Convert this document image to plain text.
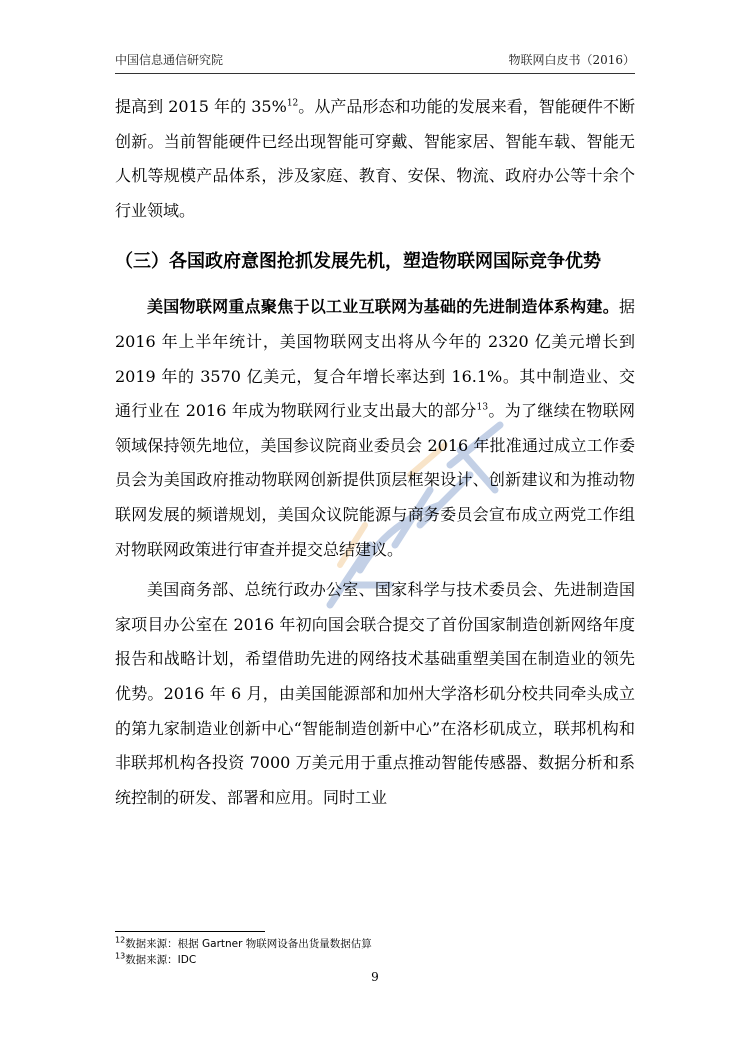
中国信息通信研究院	物联网白皮书（2016）

提高到 2015 年的 35%$^{12}$。从产品形态和功能的发展来看，智能硬件不断创新。当前智能硬件已经出现智能可穿戴、智能家居、智能车载、智能无人机等规模产品体系，涉及家庭、教育、安保、物流、政府办公等十余个行业领域。

（三）各国政府意图抢抓发展先机，塑造物联网国际竞争优势

美国物联网重点聚焦于以工业互联网为基础的先进制造体系构建。据 2016 年上半年统计，美国物联网支出将从今年的 2320 亿美元增长到 2019 年的 3570 亿美元，复合年增长率达到 16.1%。其中制造业、交通行业在 2016 年成为物联网行业支出最大的部分$^{13}$。为了继续在物联网领域保持领先地位，美国参议院商业委员会 2016 年批准通过成立工作委员会为美国政府推动物联网创新提供顶层框架设计、创新建议和为推动物联网发展的频谱规划，美国众议院能源与商务委员会宣布成立两党工作组对物联网政策进行审查并提交总结建议。

美国商务部、总统行政办公室、国家科学与技术委员会、先进制造国家项目办公室在 2016 年初向国会联合提交了首份国家制造创新网络年度报告和战略计划，希望借助先进的网络技术基础重塑美国在制造业的领先优势。2016 年 6 月，由美国能源部和加州大学洛杉矶分校共同牵头成立的第九家制造业创新中心“智能制造创新中心”在洛杉矶成立，联邦机构和非联邦机构各投资 7000 万美元用于重点推动智能传感器、数据分析和系统控制的研发、部署和应用。同时工业

$^{12}$数据来源：根据 Gartner 物联网设备出货量数据估算
$^{13}$数据来源：IDC
9
